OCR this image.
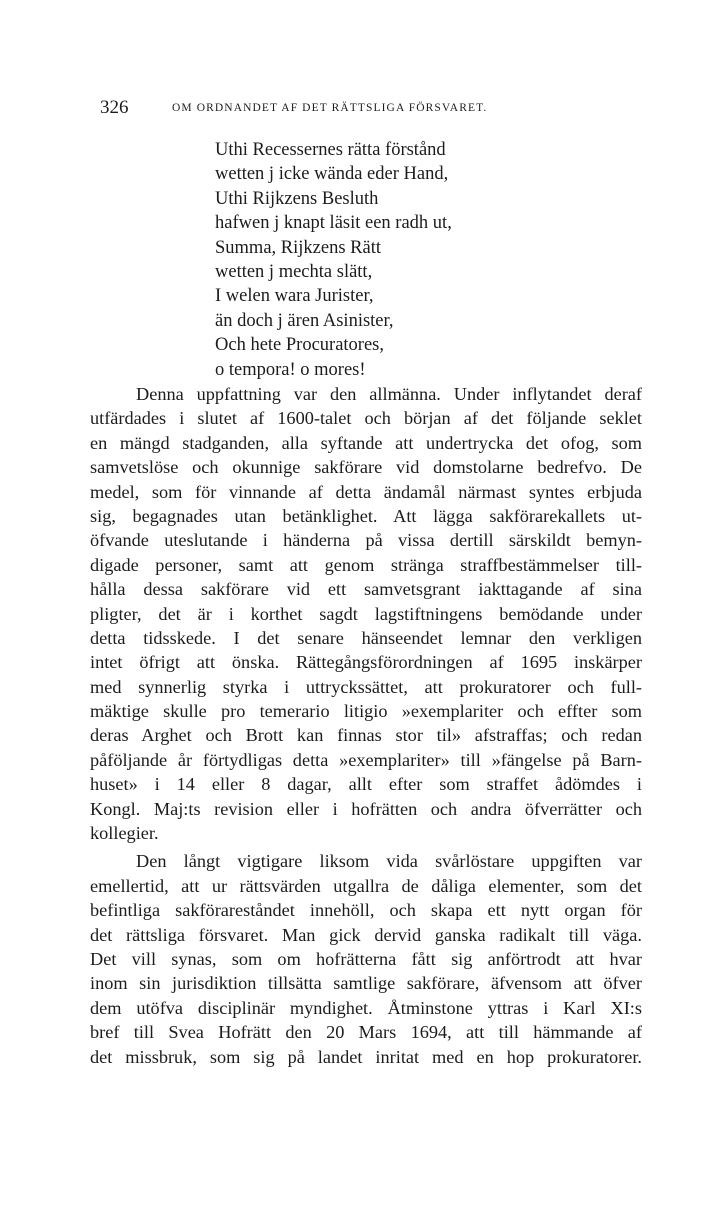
326	OM ORDNANDET AF DET RÄTTSLIGA FÖRSVARET.
Uthi Recessernes rätta förstånd
wetten j icke wända eder Hand,
Uthi Rijkzens Besluth
hafwen j knapt läsit een radh ut,
Summa, Rijkzens Rätt
wetten j mechta slätt,
I welen wara Jurister,
än doch j ären Asinister,
Och hete Procuratores,
o tempora! o mores!
Denna uppfattning var den allmänna. Under inflytandet deraf
utfärdades i slutet af 1600-talet och början af det följande seklet
en mängd stadganden, alla syftande att undertrycka det ofog, som
samvetslöse och okunnige sakförare vid domstolarne bedrefvo. De
medel, som för vinnande af detta ändamål närmast syntes erbjuda
sig, begagnades utan betänklighet. Att lägga sakförarekallets ut-
öfvande uteslutande i händerna på vissa dertill särskildt bemyn-
digade personer, samt att genom stränga straffbestämmelser till-
hålla dessa sakförare vid ett samvetsgrant iakttagande af sina
pligter, det är i korthet sagdt lagstiftningens bemödande under
detta tidsskede. I det senare hänseendet lemnar den verkligen
intet öfrigt att önska. Rättegångsförordningen af 1695 inskärper
med synnerlig styrka i uttryckssättet, att prokuratorer och full-
mäktige skulle pro temerario litigio »exemplariter och effter som
deras Arghet och Brott kan finnas stor til» afstraffas; och redan
påföljande år förtydligas detta »exemplariter» till »fängelse på Barn-
huset» i 14 eller 8 dagar, allt efter som straffet ådömdes i
Kongl. Maj:ts revision eller i hofrätten och andra öfverrätter och
kollegier.
Den långt vigtigare liksom vida svårlöstare uppgiften var
emellertid, att ur rättsvärden utgallra de dåliga elementer, som det
befintliga sakförareståndet innehöll, och skapa ett nytt organ för
det rättsliga försvaret. Man gick dervid ganska radikalt till väga.
Det vill synas, som om hofrätterna fått sig anförtrodt att hvar
inom sin jurisdiktion tillsätta samtlige sakförare, äfvensom att öfver
dem utöfva disciplinär myndighet. Åtminstone yttras i Karl XI:s
bref till Svea Hofrätt den 20 Mars 1694, att till hämmande af
det missbruk, som sig på landet inritat med en hop prokuratorer.
